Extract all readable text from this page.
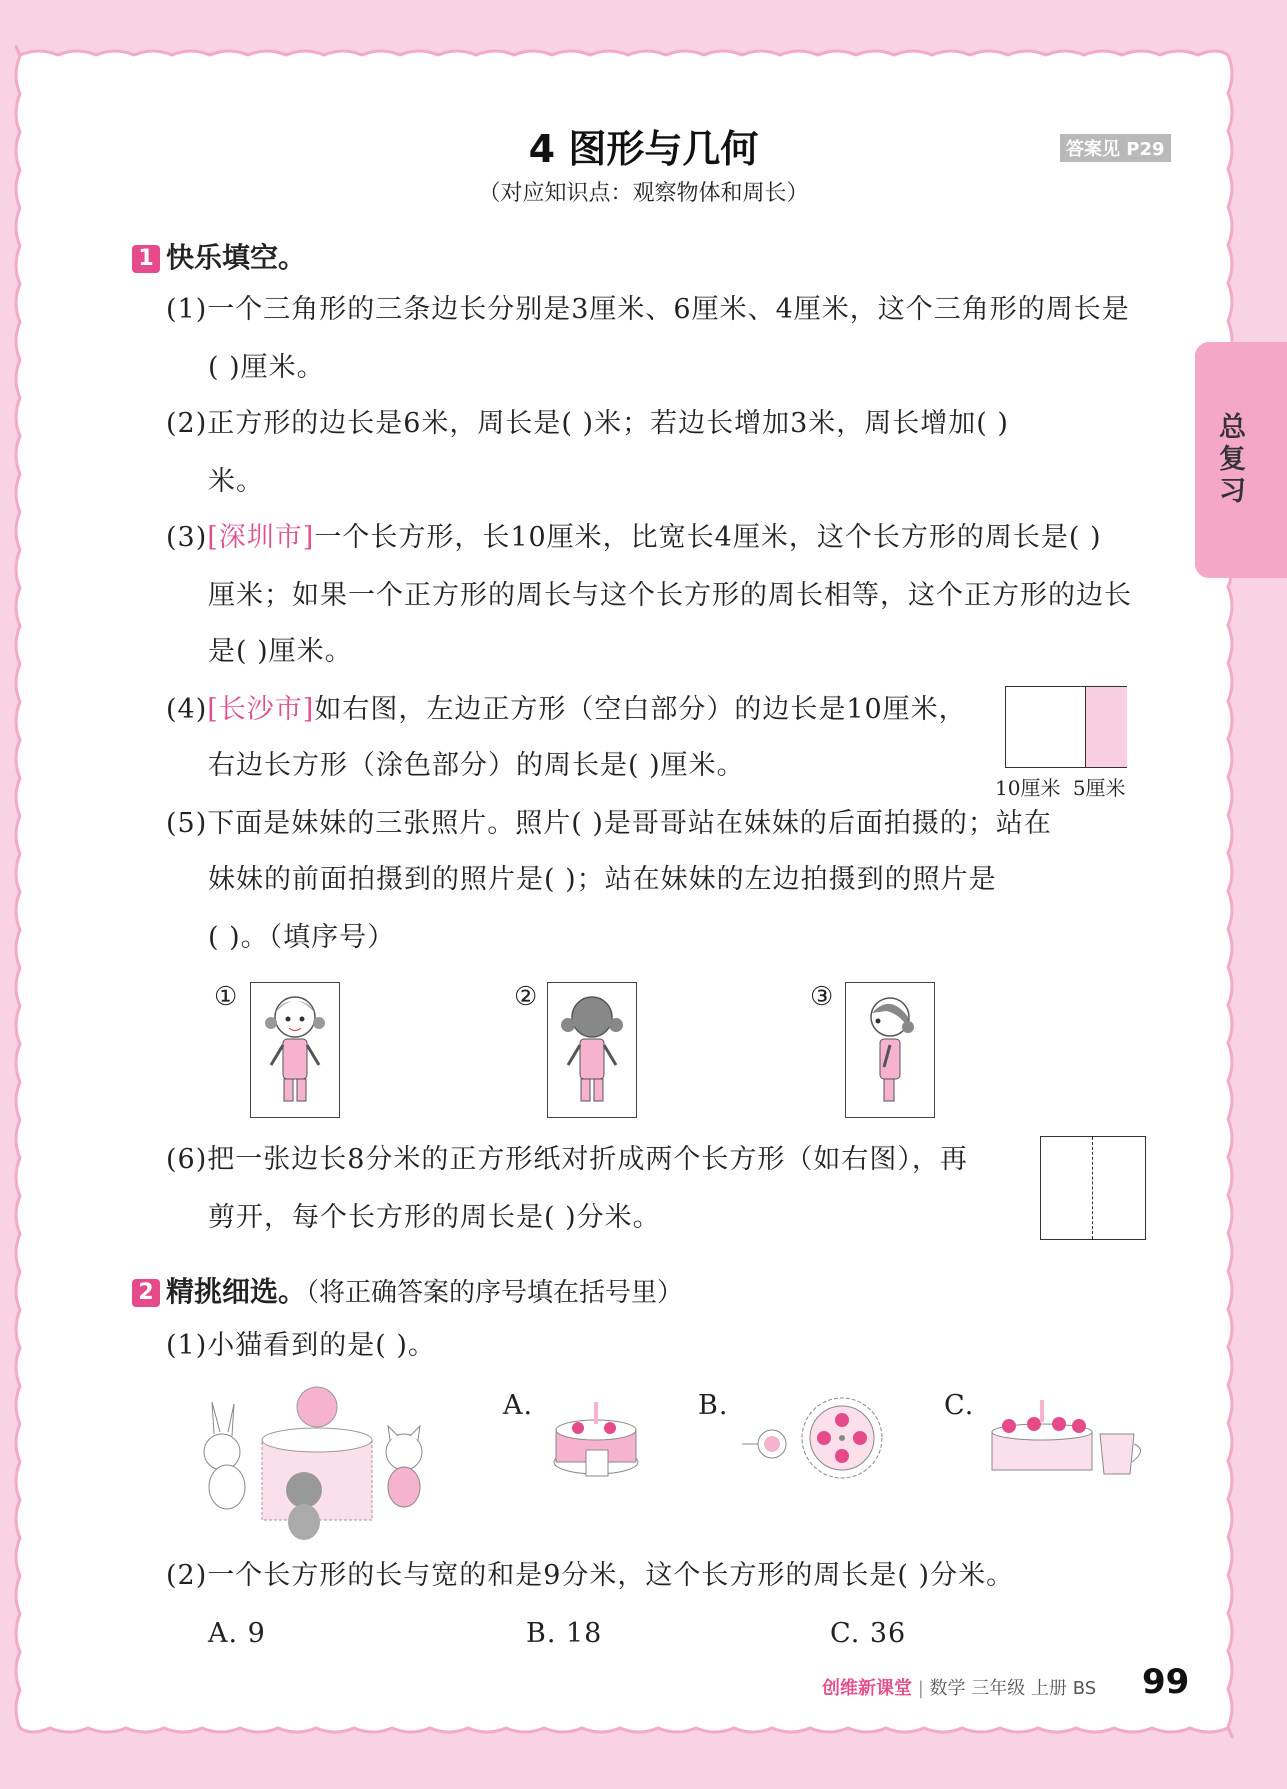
总复习
4 图形与几何
（对应知识点：观察物体和周长）
答案见 P29
1 快乐填空。
(1)一个三角形的三条边长分别是3厘米、6厘米、4厘米，这个三角形的周长是
( )厘米。
(2)正方形的边长是6米，周长是( )米；若边长增加3米，周长增加( )
米。
(3)[深圳市]一个长方形，长10厘米，比宽长4厘米，这个长方形的周长是( )
厘米；如果一个正方形的周长与这个长方形的周长相等，这个正方形的边长
是( )厘米。
(4)[长沙市]如右图，左边正方形（空白部分）的边长是10厘米，
右边长方形（涂色部分）的周长是( )厘米。
10厘米 5厘米
(5)下面是妹妹的三张照片。照片( )是哥哥站在妹妹的后面拍摄的；站在
妹妹的前面拍摄到的照片是( )；站在妹妹的左边拍摄到的照片是
( )。（填序号）
①	②	③
(6)把一张边长8分米的正方形纸对折成两个长方形（如右图），再
剪开，每个长方形的周长是( )分米。
2 精挑细选。（将正确答案的序号填在括号里）
(1)小猫看到的是( )。
A.	B.	C.
(2)一个长方形的长与宽的和是9分米，这个长方形的周长是( )分米。
A. 9	B. 18	C. 36
创维新课堂 | 数学 三年级 上册 BS 99
